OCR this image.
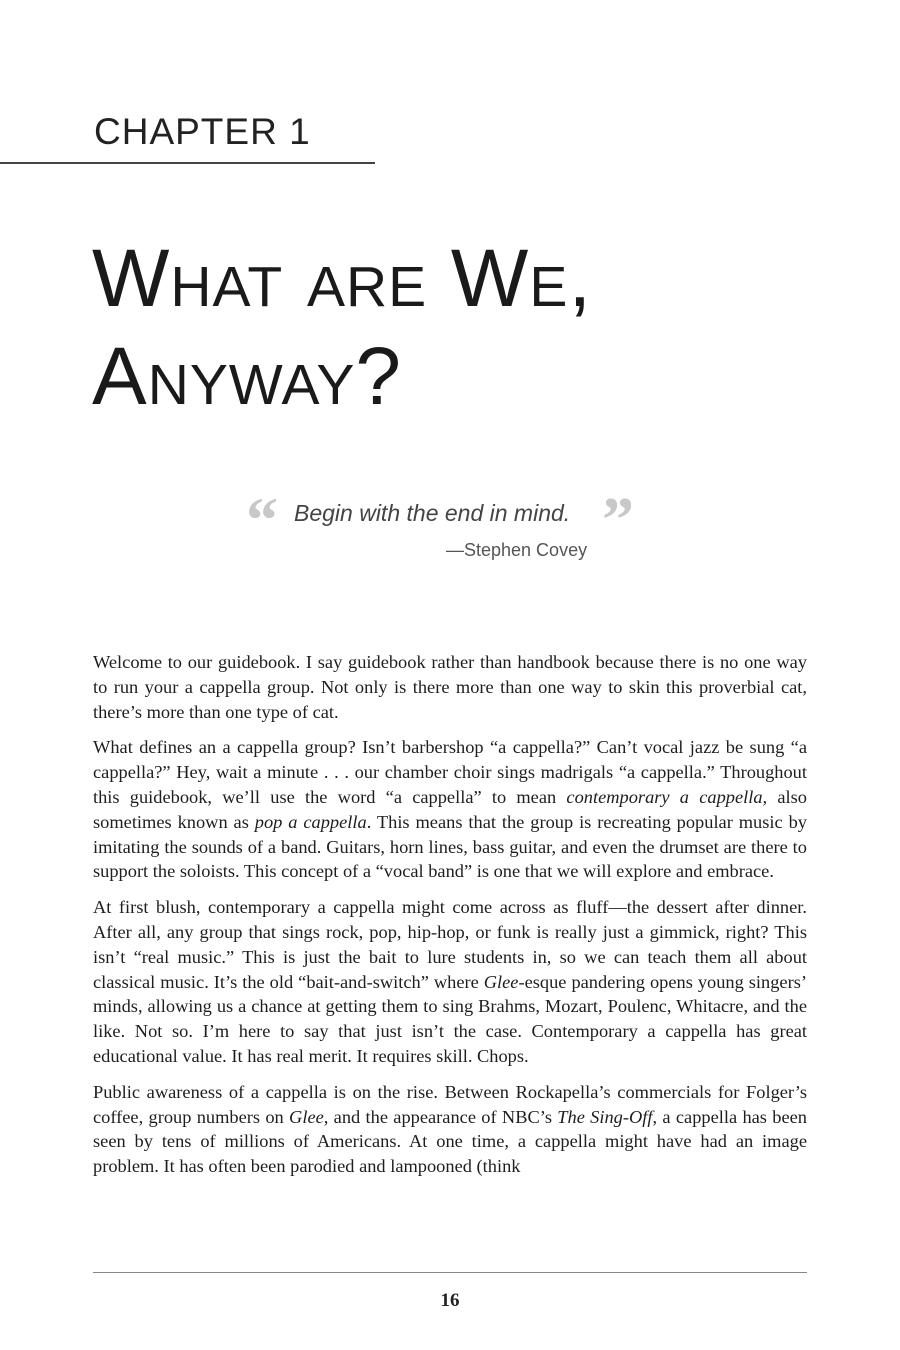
CHAPTER 1
What are We,
Anyway?
“ Begin with the end in mind. ”
—Stephen Covey

Welcome to our guidebook. I say guidebook rather than handbook because there is no one way to run your a cappella group. Not only is there more than one way to skin this proverbial cat, there’s more than one type of cat.

What defines an a cappella group? Isn’t barbershop “a cappella?” Can’t vocal jazz be sung “a cappella?” Hey, wait a minute . . . our chamber choir sings madrigals “a cappella.” Throughout this guidebook, we’ll use the word “a cappella” to mean contemporary a cappella, also sometimes known as pop a cappella. This means that the group is recreating popular music by imitating the sounds of a band. Guitars, horn lines, bass guitar, and even the drumset are there to support the soloists. This concept of a “vocal band” is one that we will explore and embrace.

At first blush, contemporary a cappella might come across as fluff—the dessert after dinner. After all, any group that sings rock, pop, hip-hop, or funk is really just a gimmick, right? This isn’t “real music.” This is just the bait to lure students in, so we can teach them all about classical music. It’s the old “bait-and-switch” where Glee-esque pandering opens young singers’ minds, allowing us a chance at getting them to sing Brahms, Mozart, Poulenc, Whitacre, and the like. Not so. I’m here to say that just isn’t the case. Contemporary a cappella has great educational value. It has real merit. It requires skill. Chops.

Public awareness of a cappella is on the rise. Between Rockapella’s commercials for Folger’s coffee, group numbers on Glee, and the appearance of NBC’s The Sing-Off, a cappella has been seen by tens of millions of Americans. At one time, a cappella might have had an image problem. It has often been parodied and lampooned (think

16
